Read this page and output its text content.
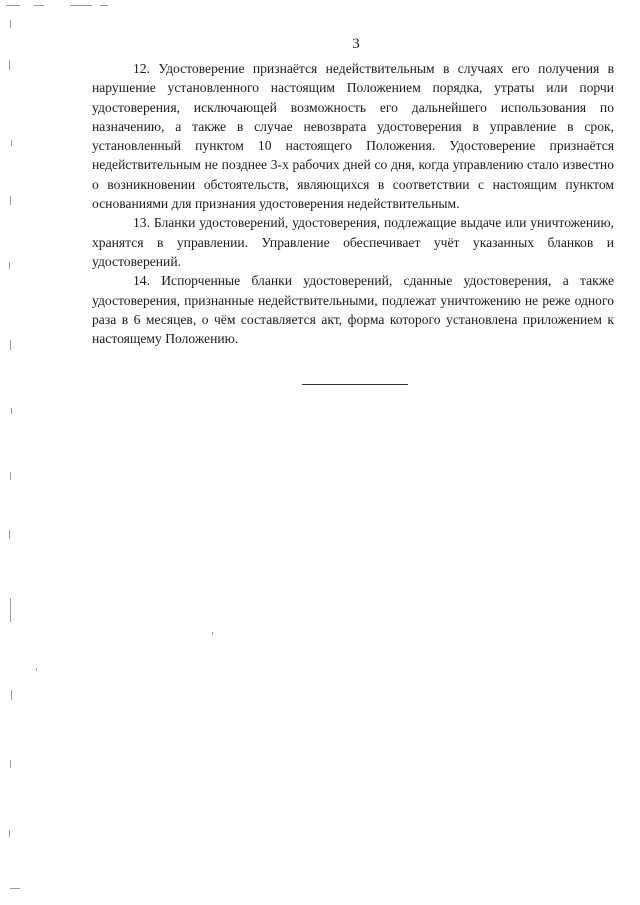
3

12. Удостоверение признаётся недействительным в случаях его получения в нарушение установленного настоящим Положением порядка, утраты или порчи удостоверения, исключающей возможность его дальнейшего использования по назначению, а также в случае невозврата удостоверения в управление в срок, установленный пунктом 10 настоящего Положения. Удостоверение признаётся недействительным не позднее 3-х рабочих дней со дня, когда управлению стало известно о возникновении обстоятельств, являющихся в соответствии с настоящим пунктом основаниями для признания удостоверения недействительным.

13. Бланки удостоверений, удостоверения, подлежащие выдаче или уничтожению, хранятся в управлении. Управление обеспечивает учёт указанных бланков и удостоверений.

14. Испорченные бланки удостоверений, сданные удостоверения, а также удостоверения, признанные недействительными, подлежат уничтожению не реже одного раза в 6 месяцев, о чём составляется акт, форма которого установлена приложением к настоящему Положению.
